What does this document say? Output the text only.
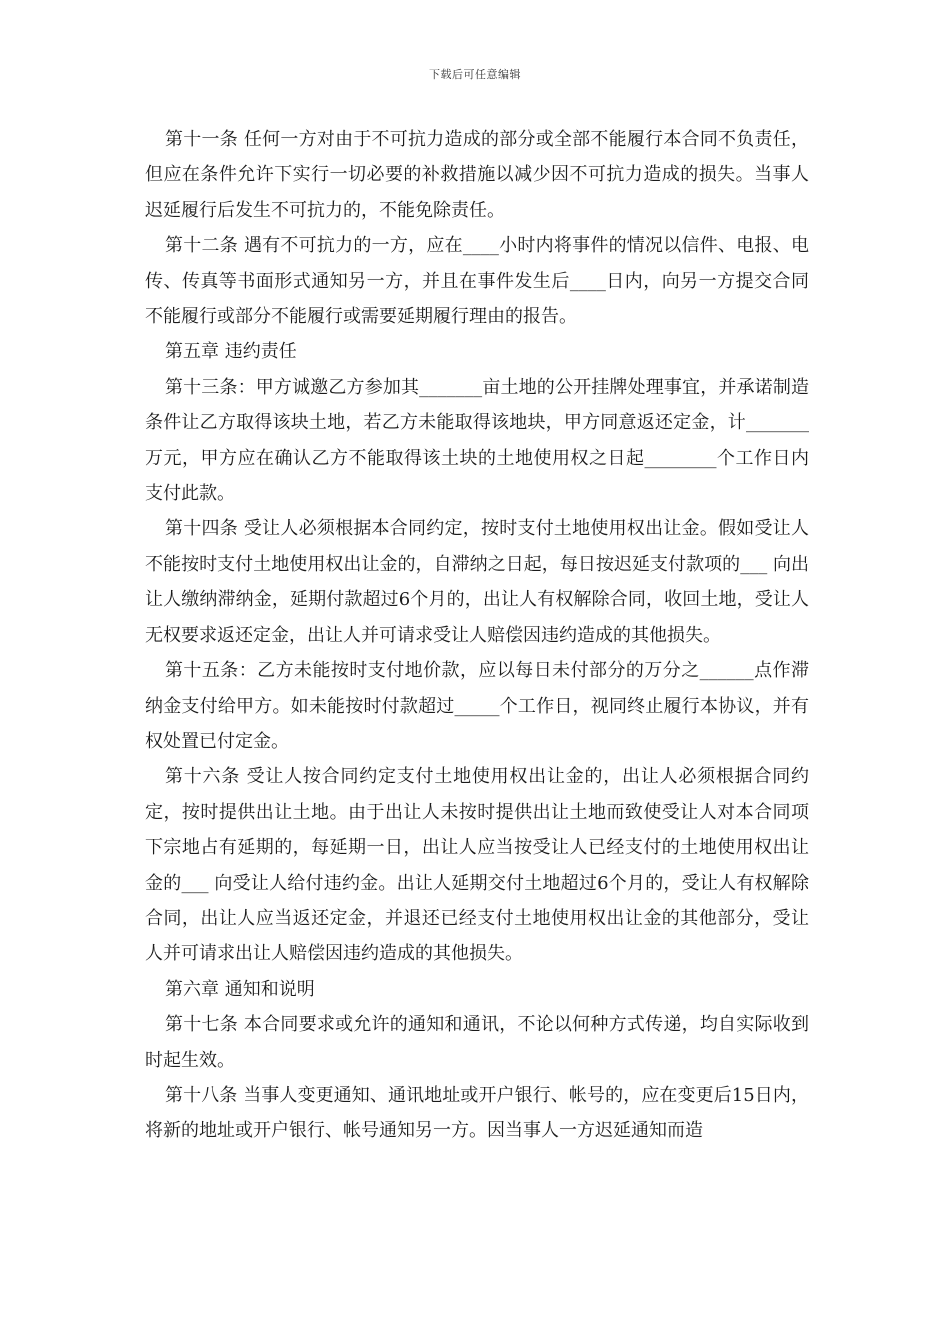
下载后可任意编辑

第十一条 任何一方对由于不可抗力造成的部分或全部不能履行本合同不负责任，但应在条件允许下实行一切必要的补救措施以减少因不可抗力造成的损失。当事人迟延履行后发生不可抗力的，不能免除责任。

第十二条 遇有不可抗力的一方，应在____小时内将事件的情况以信件、电报、电传、传真等书面形式通知另一方，并且在事件发生后____日内，向另一方提交合同不能履行或部分不能履行或需要延期履行理由的报告。

第五章 违约责任

第十三条：甲方诚邀乙方参加其_______亩土地的公开挂牌处理事宜，并承诺制造条件让乙方取得该块土地，若乙方未能取得该地块，甲方同意返还定金，计_______万元，甲方应在确认乙方不能取得该土块的土地使用权之日起________个工作日内支付此款。

第十四条 受让人必须根据本合同约定，按时支付土地使用权出让金。假如受让人不能按时支付土地使用权出让金的，自滞纳之日起，每日按迟延支付款项的___ 向出让人缴纳滞纳金，延期付款超过6个月的，出让人有权解除合同，收回土地，受让人无权要求返还定金，出让人并可请求受让人赔偿因违约造成的其他损失。

第十五条：乙方未能按时支付地价款，应以每日未付部分的万分之______点作滞纳金支付给甲方。如未能按时付款超过_____个工作日，视同终止履行本协议，并有权处置已付定金。

第十六条 受让人按合同约定支付土地使用权出让金的，出让人必须根据合同约定，按时提供出让土地。由于出让人未按时提供出让土地而致使受让人对本合同项下宗地占有延期的，每延期一日，出让人应当按受让人已经支付的土地使用权出让金的___ 向受让人给付违约金。出让人延期交付土地超过6个月的，受让人有权解除合同，出让人应当返还定金，并退还已经支付土地使用权出让金的其他部分，受让人并可请求出让人赔偿因违约造成的其他损失。

第六章 通知和说明

第十七条 本合同要求或允许的通知和通讯，不论以何种方式传递，均自实际收到时起生效。

第十八条 当事人变更通知、通讯地址或开户银行、帐号的，应在变更后15日内，将新的地址或开户银行、帐号通知另一方。因当事人一方迟延通知而造
